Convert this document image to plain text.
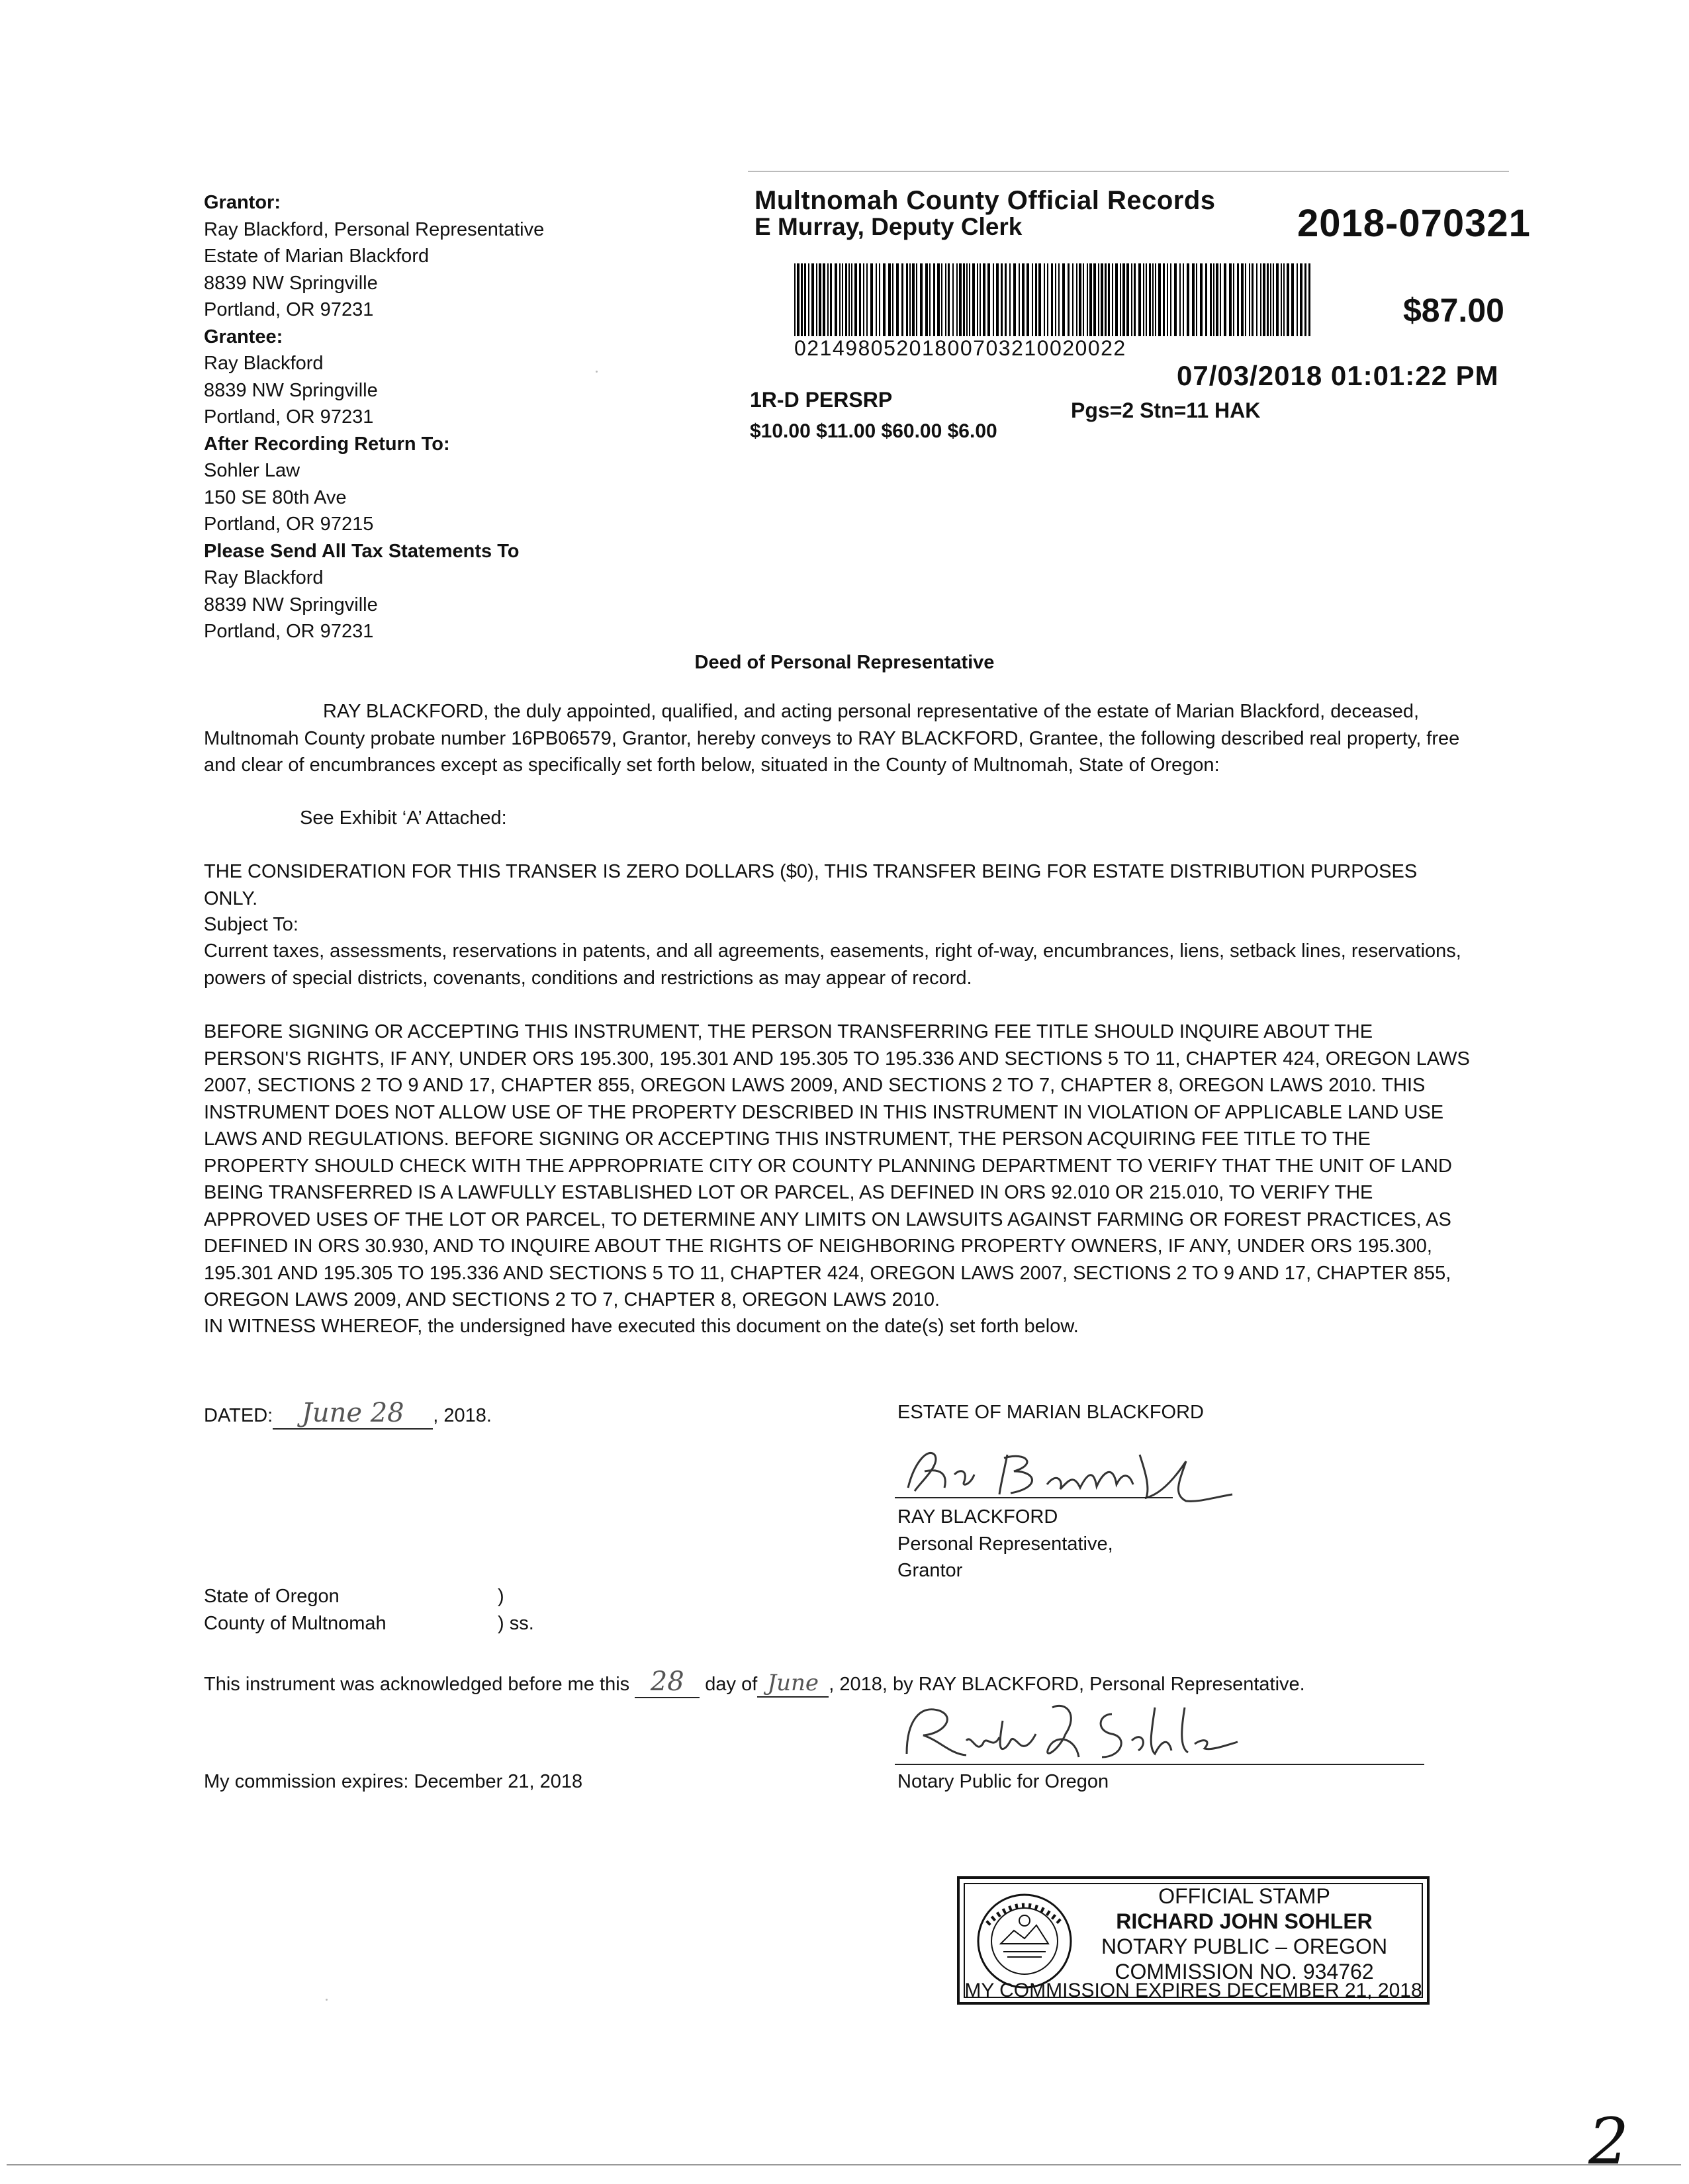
Grantor:
Ray Blackford, Personal Representative
Estate of Marian Blackford
8839 NW Springville
Portland, OR 97231
Grantee:
Ray Blackford
8839 NW Springville
Portland, OR 97231
After Recording Return To:
Sohler Law
150 SE 80th Ave
Portland, OR 97215
Please Send All Tax Statements To
Ray Blackford
8839 NW Springville
Portland, OR 97231
Multnomah County Official Records
E Murray, Deputy Clerk	2018-070321
$87.00
02149805201800703210020022
07/03/2018 01:01:22 PM
1R-D PERSRP	Pgs=2 Stn=11 HAK
$10.00 $11.00 $60.00 $6.00
Deed of Personal Representative
RAY BLACKFORD, the duly appointed, qualified, and acting personal representative of the estate of Marian Blackford, deceased, Multnomah County probate number 16PB06579, Grantor, hereby conveys to RAY BLACKFORD, Grantee, the following described real property, free and clear of encumbrances except as specifically set forth below, situated in the County of Multnomah, State of Oregon:
See Exhibit ‘A’ Attached:
THE CONSIDERATION FOR THIS TRANSER IS ZERO DOLLARS ($0), THIS TRANSFER BEING FOR ESTATE DISTRIBUTION PURPOSES ONLY.
Subject To:
Current taxes, assessments, reservations in patents, and all agreements, easements, right of-way, encumbrances, liens, setback lines, reservations, powers of special districts, covenants, conditions and restrictions as may appear of record.
BEFORE SIGNING OR ACCEPTING THIS INSTRUMENT, THE PERSON TRANSFERRING FEE TITLE SHOULD INQUIRE ABOUT THE PERSON'S RIGHTS, IF ANY, UNDER ORS 195.300, 195.301 AND 195.305 TO 195.336 AND SECTIONS 5 TO 11, CHAPTER 424, OREGON LAWS 2007, SECTIONS 2 TO 9 AND 17, CHAPTER 855, OREGON LAWS 2009, AND SECTIONS 2 TO 7, CHAPTER 8, OREGON LAWS 2010. THIS INSTRUMENT DOES NOT ALLOW USE OF THE PROPERTY DESCRIBED IN THIS INSTRUMENT IN VIOLATION OF APPLICABLE LAND USE LAWS AND REGULATIONS. BEFORE SIGNING OR ACCEPTING THIS INSTRUMENT, THE PERSON ACQUIRING FEE TITLE TO THE PROPERTY SHOULD CHECK WITH THE APPROPRIATE CITY OR COUNTY PLANNING DEPARTMENT TO VERIFY THAT THE UNIT OF LAND BEING TRANSFERRED IS A LAWFULLY ESTABLISHED LOT OR PARCEL, AS DEFINED IN ORS 92.010 OR 215.010, TO VERIFY THE APPROVED USES OF THE LOT OR PARCEL, TO DETERMINE ANY LIMITS ON LAWSUITS AGAINST FARMING OR FOREST PRACTICES, AS DEFINED IN ORS 30.930, AND TO INQUIRE ABOUT THE RIGHTS OF NEIGHBORING PROPERTY OWNERS, IF ANY, UNDER ORS 195.300, 195.301 AND 195.305 TO 195.336 AND SECTIONS 5 TO 11, CHAPTER 424, OREGON LAWS 2007, SECTIONS 2 TO 9 AND 17, CHAPTER 855, OREGON LAWS 2009, AND SECTIONS 2 TO 7, CHAPTER 8, OREGON LAWS 2010.
IN WITNESS WHEREOF, the undersigned have executed this document on the date(s) set forth below.
DATED: June 28 , 2018.	ESTATE OF MARIAN BLACKFORD
RAY BLACKFORD
Personal Representative,
Grantor
State of Oregon
County of Multnomah
)
) ss.
This instrument was acknowledged before me this 28 day of June , 2018, by RAY BLACKFORD, Personal Representative.
Notary Public for Oregon
My commission expires: December 21, 2018
OFFICIAL STAMP
RICHARD JOHN SOHLER
NOTARY PUBLIC – OREGON
COMMISSION NO. 934762
MY COMMISSION EXPIRES DECEMBER 21, 2018
2
